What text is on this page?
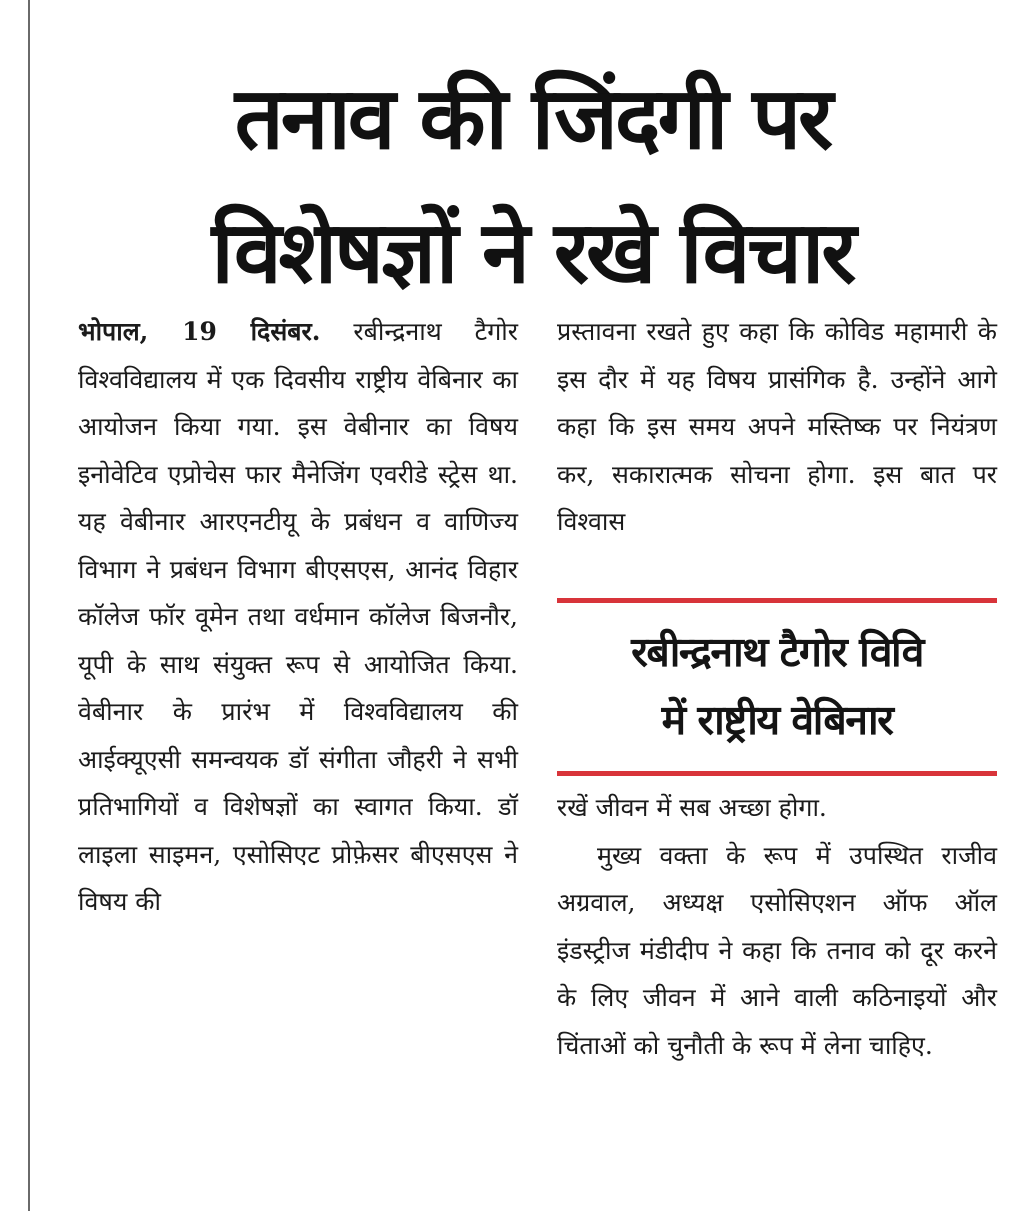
तनाव की जिंदगी पर
विशेषज्ञों ने रखे विचार

भोपाल, 19 दिसंबर. रबीन्द्रनाथ टैगोर विश्वविद्यालय में एक दिवसीय राष्ट्रीय वेबिनार का आयोजन किया गया. इस वेबीनार का विषय इनोवेटिव एप्रोचेस फार मैनेजिंग एवरीडे स्ट्रेस था. यह वेबीनार आरएनटीयू के प्रबंधन व वाणिज्य विभाग ने प्रबंधन विभाग बीएसएस, आनंद विहार कॉलेज फॉर वूमेन तथा वर्धमान कॉलेज बिजनौर, यूपी के साथ संयुक्त रूप से आयोजित किया. वेबीनार के प्रारंभ में विश्वविद्यालय की आईक्यूएसी समन्वयक डॉ संगीता जौहरी ने सभी प्रतिभागियों व विशेषज्ञों का स्वागत किया. डॉ लाइला साइमन, एसोसिएट प्रोफ़ेसर बीएसएस ने विषय की

प्रस्तावना रखते हुए कहा कि कोविड महामारी के इस दौर में यह विषय प्रासंगिक है. उन्होंने आगे कहा कि इस समय अपने मस्तिष्क पर नियंत्रण कर, सकारात्मक सोचना होगा. इस बात पर विश्वास

रबीन्द्रनाथ टैगोर विवि
में राष्ट्रीय वेबिनार

रखें जीवन में सब अच्छा होगा.

मुख्य वक्ता के रूप में उपस्थित राजीव अग्रवाल, अध्यक्ष एसोसिएशन ऑफ ऑल इंडस्ट्रीज मंडीदीप ने कहा कि तनाव को दूर करने के लिए जीवन में आने वाली कठिनाइयों और चिंताओं को चुनौती के रूप में लेना चाहिए.
